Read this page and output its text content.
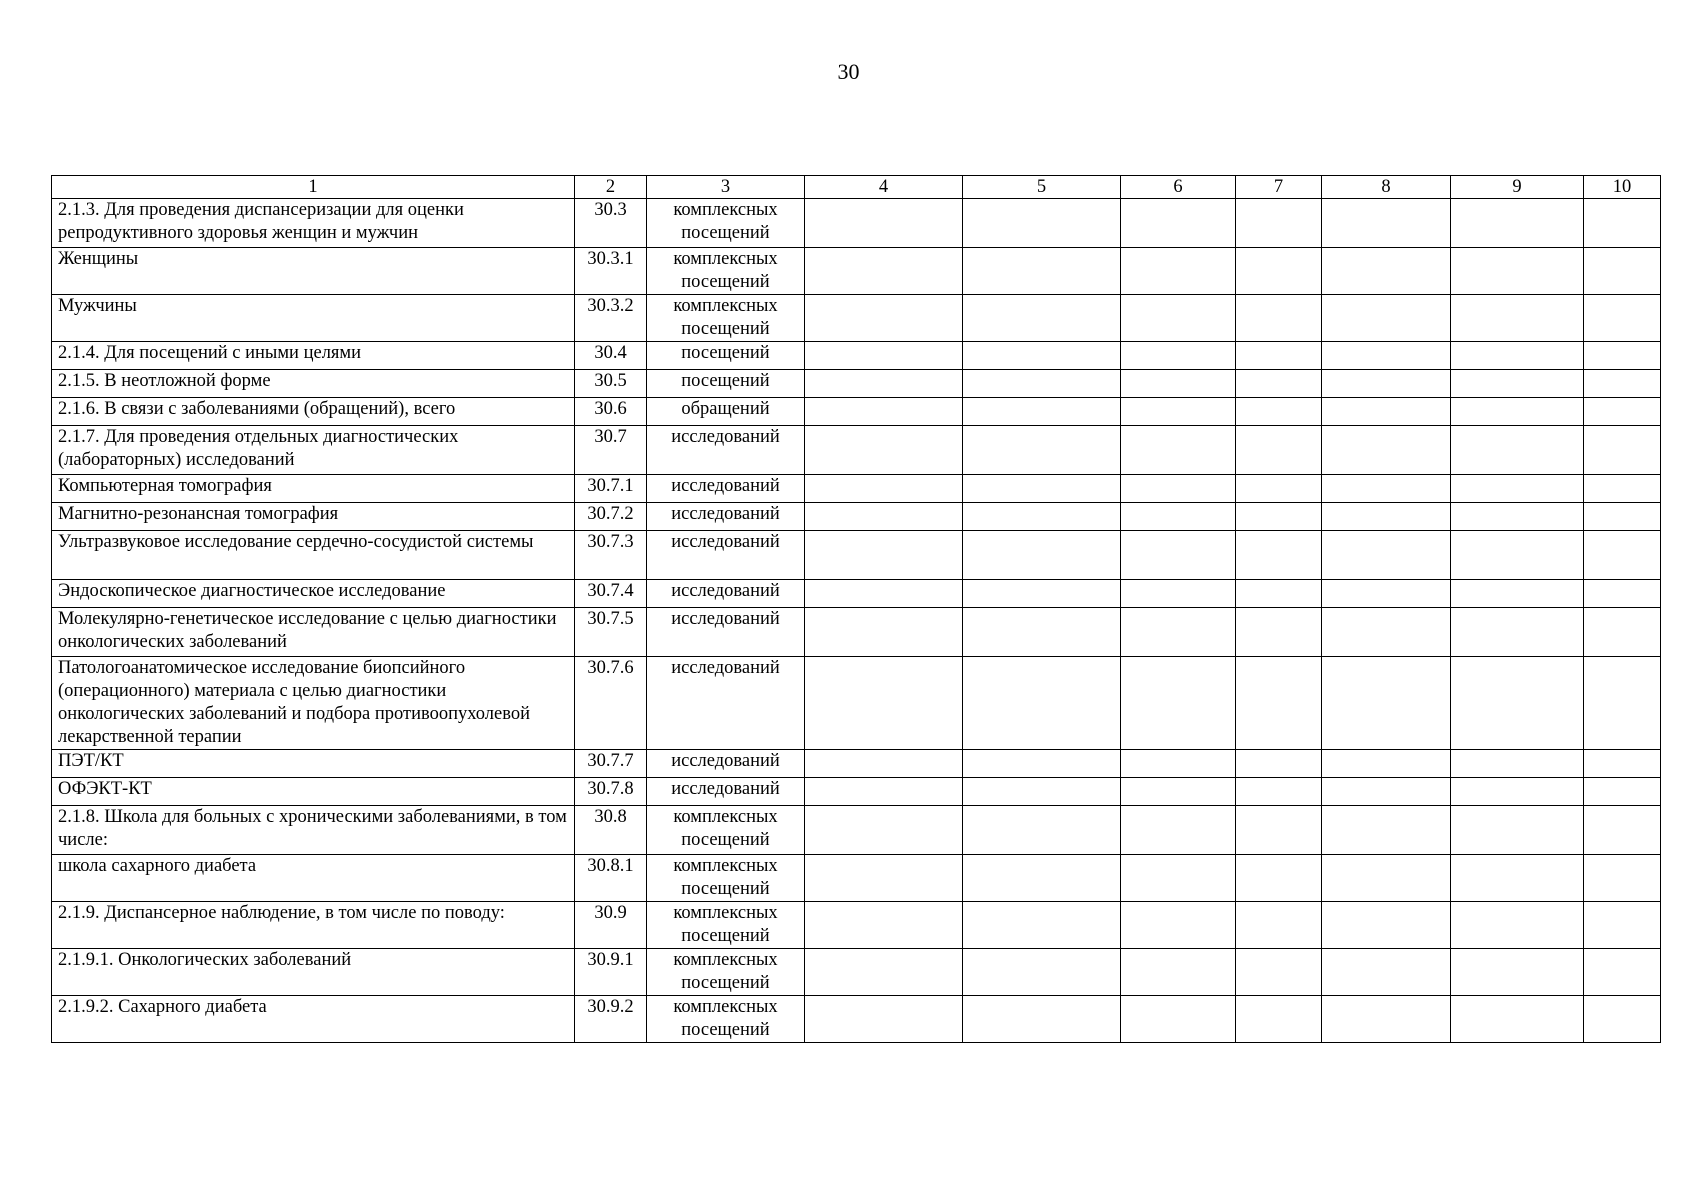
30
1	2	3	4	5	6	7	8	9	10
2.1.3. Для проведения диспансеризации для оценки репродуктивного здоровья женщин и мужчин	30.3	комплексных посещений							
Женщины	30.3.1	комплексных посещений							
Мужчины	30.3.2	комплексных посещений							
2.1.4. Для посещений с иными целями	30.4	посещений							
2.1.5. В неотложной форме	30.5	посещений							
2.1.6. В связи с заболеваниями (обращений), всего	30.6	обращений							
2.1.7. Для проведения отдельных диагностических (лабораторных) исследований	30.7	исследований							
Компьютерная томография	30.7.1	исследований							
Магнитно-резонансная томография	30.7.2	исследований							
Ультразвуковое исследование сердечно-сосудистой системы	30.7.3	исследований							
Эндоскопическое диагностическое исследование	30.7.4	исследований							
Молекулярно-генетическое исследование с целью диагностики онкологических заболеваний	30.7.5	исследований							
Патологоанатомическое исследование биопсийного (операционного) материала с целью диагностики онкологических заболеваний и подбора противоопухолевой лекарственной терапии	30.7.6	исследований							
ПЭТ/КТ	30.7.7	исследований							
ОФЭКТ-КТ	30.7.8	исследований							
2.1.8. Школа для больных с хроническими заболеваниями, в том числе:	30.8	комплексных посещений							
школа сахарного диабета	30.8.1	комплексных посещений							
2.1.9. Диспансерное наблюдение, в том числе по поводу:	30.9	комплексных посещений							
2.1.9.1. Онкологических заболеваний	30.9.1	комплексных посещений							
2.1.9.2. Сахарного диабета	30.9.2	комплексных посещений							
